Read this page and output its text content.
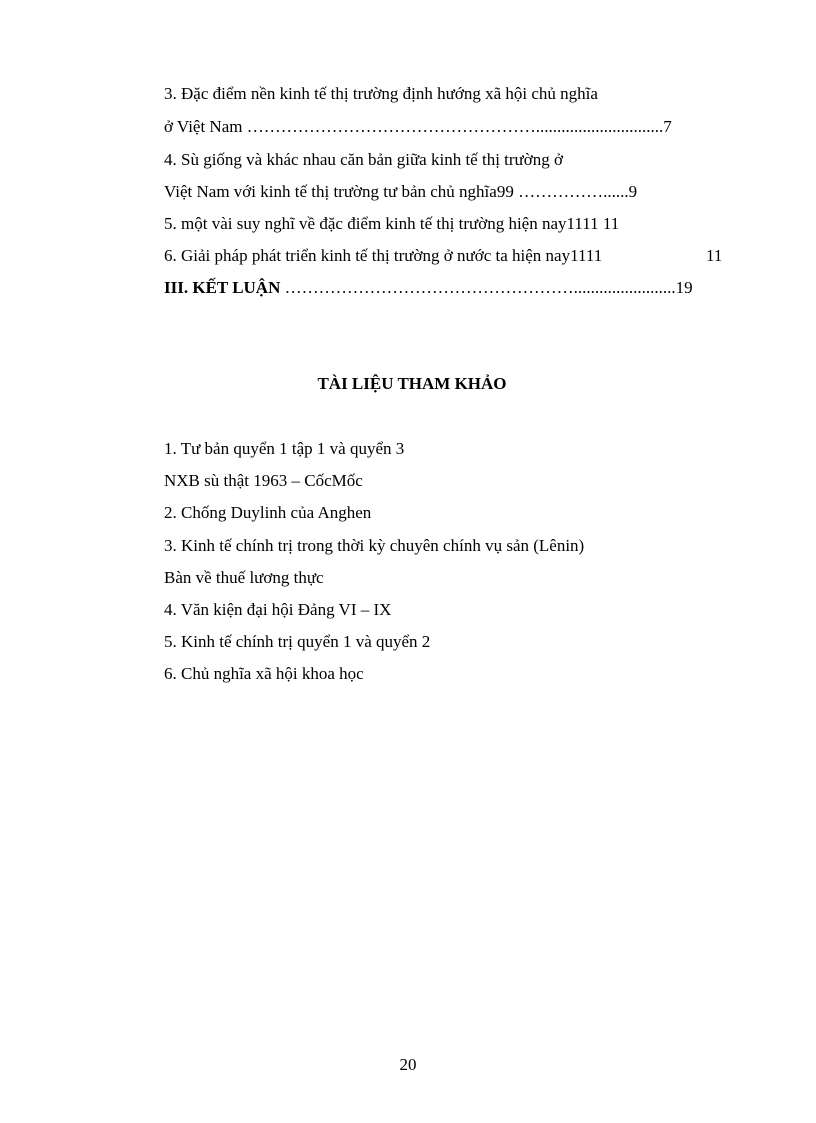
3. Đặc điểm nền kinh tế thị trường định hướng xã hội chủ nghĩa
ở Việt Nam ……………………………………………..............................7
4. Sù giống và khác nhau căn bản giữa kinh tế thị trường ở
Việt Nam với kinh tế thị trường tư bản chủ nghĩa99 ……………......9
5. một vài suy nghĩ về đặc điểm kinh tế thị trường hiện nay1111 11
6. Giải pháp phát triển kinh tế thị trường ở nước ta hiện nay1111	11
III. KẾT LUẬN ……………………………………………........................19
TÀI LIỆU THAM KHẢO
1. Tư bản quyển 1 tập 1 và quyển 3
NXB sù thật 1963 – CốcMốc
2. Chống Duylinh của Anghen
3. Kinh tế chính trị trong thời kỳ chuyên chính vụ sản (Lênin)
Bàn về thuế lương thực
4. Văn kiện đại hội Đảng VI – IX
5. Kinh tế chính trị quyển 1 và quyển 2
6. Chủ nghĩa xã hội khoa học
20
